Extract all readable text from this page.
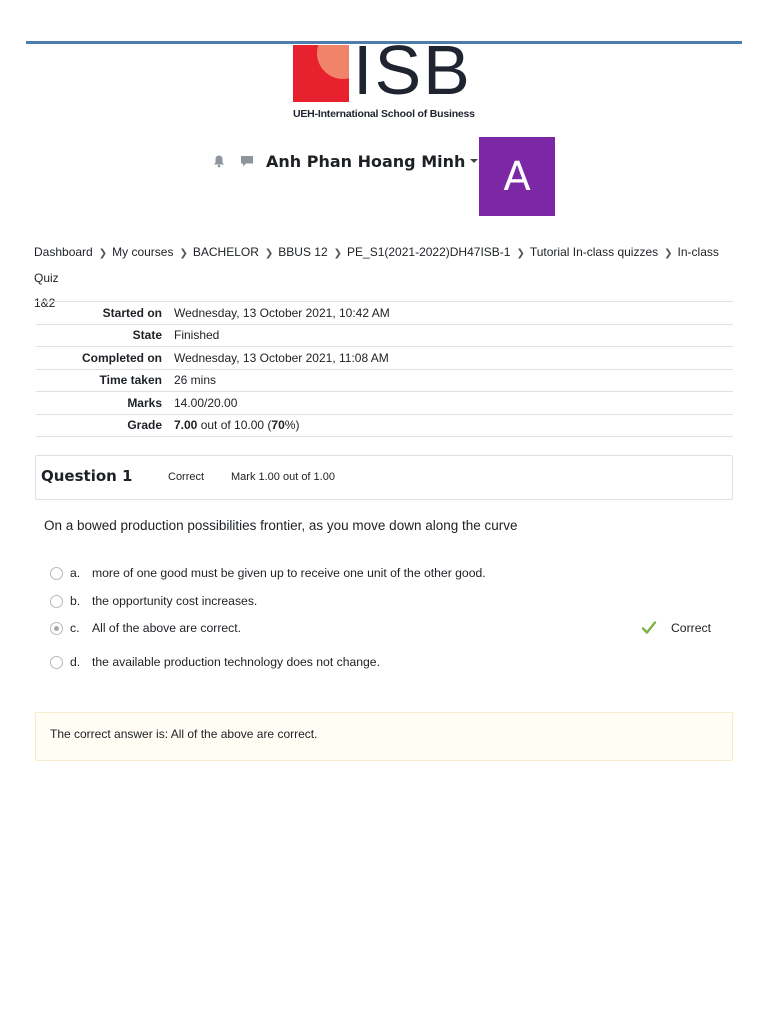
ISB
UEH-International School of Business
Anh Phan Hoang Minh A
Dashboard ❯ My courses ❯ BACHELOR ❯ BBUS 12 ❯ PE_S1(2021-2022)DH47ISB-1 ❯ Tutorial In-class quizzes ❯ In-class Quiz
1&2
Started on	Wednesday, 13 October 2021, 10:42 AM
State	Finished
Completed on	Wednesday, 13 October 2021, 11:08 AM
Time taken	26 mins
Marks	14.00/20.00
Grade	7.00 out of 10.00 (70%)
Question 1	Correct Mark 1.00 out of 1.00
On a bowed production possibilities frontier, as you move down along the curve
a. more of one good must be given up to receive one unit of the other good.
b. the opportunity cost increases.
c.	All of the above are correct.
d. the available production technology does not change.
Correct
The correct answer is: All of the above are correct.
